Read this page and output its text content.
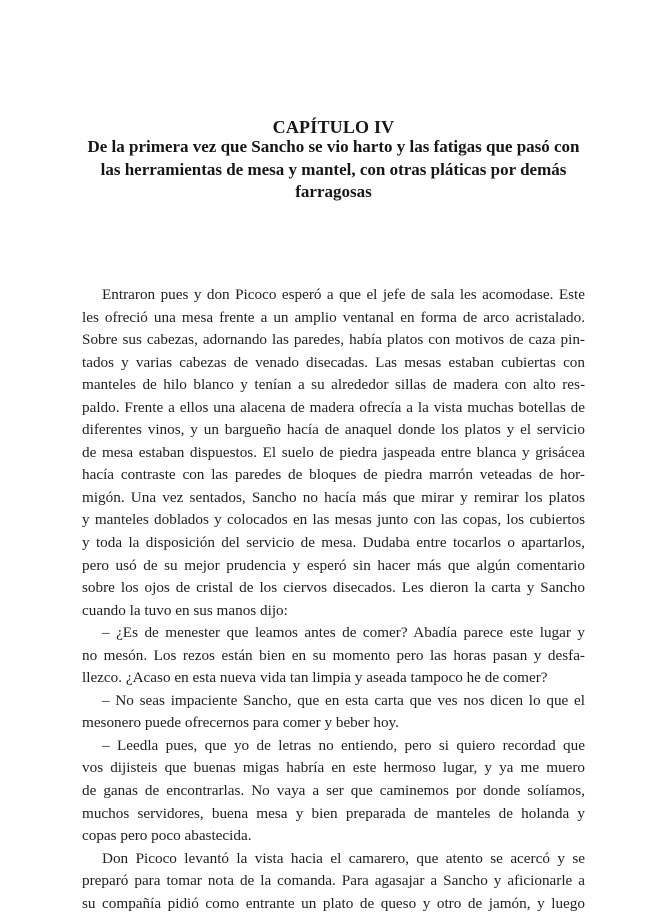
CAPÍTULO IV
De la primera vez que Sancho se vio harto y las fatigas que pasó con
las herramientas de mesa y mantel, con otras pláticas por demás
farragosas
Entraron pues y don Picoco esperó a que el jefe de sala les acomodase. Este
les ofreció una mesa frente a un amplio ventanal en forma de arco acristalado.
Sobre sus cabezas, adornando las paredes, había platos con motivos de caza pin-
tados y varias cabezas de venado disecadas. Las mesas estaban cubiertas con
manteles de hilo blanco y tenían a su alrededor sillas de madera con alto res-
paldo. Frente a ellos una alacena de madera ofrecía a la vista muchas botellas de
diferentes vinos, y un bargueño hacía de anaquel donde los platos y el servicio
de mesa estaban dispuestos. El suelo de piedra jaspeada entre blanca y grisácea
hacía contraste con las paredes de bloques de piedra marrón veteadas de hor-
migón. Una vez sentados, Sancho no hacía más que mirar y remirar los platos
y manteles doblados y colocados en las mesas junto con las copas, los cubiertos
y toda la disposición del servicio de mesa. Dudaba entre tocarlos o apartarlos,
pero usó de su mejor prudencia y esperó sin hacer más que algún comentario
sobre los ojos de cristal de los ciervos disecados. Les dieron la carta y Sancho
cuando la tuvo en sus manos dijo:
– ¿Es de menester que leamos antes de comer? Abadía parece este lugar y
no mesón. Los rezos están bien en su momento pero las horas pasan y desfa-
llezco. ¿Acaso en esta nueva vida tan limpia y aseada tampoco he de comer?
– No seas impaciente Sancho, que en esta carta que ves nos dicen lo que el
mesonero puede ofrecernos para comer y beber hoy.
– Leedla pues, que yo de letras no entiendo, pero si quiero recordad que
vos dijisteis que buenas migas habría en este hermoso lugar, y ya me muero
de ganas de encontrarlas. No vaya a ser que caminemos por donde solíamos,
muchos servidores, buena mesa y bien preparada de manteles de holanda y
copas pero poco abastecida.
Don Picoco levantó la vista hacia el camarero, que atento se acercó y se
preparó para tomar nota de la comanda. Para agasajar a Sancho y aficionarle a
su compañía pidió como entrante un plato de queso y otro de jamón, y luego
